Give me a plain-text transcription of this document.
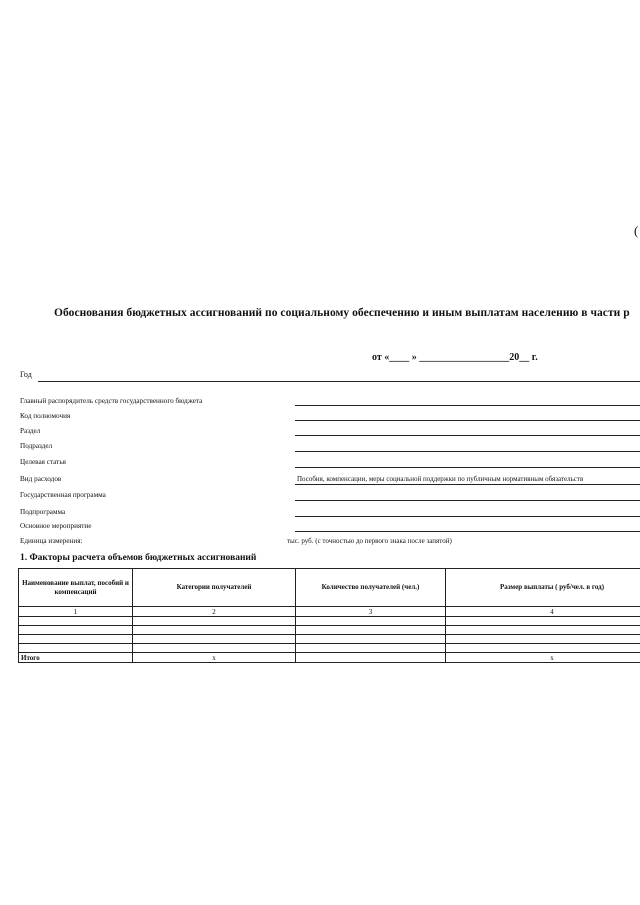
(
Обоснования бюджетных ассигнований по социальному обеспечению и иным выплатам населению в части р
от «____ » __________________20__ г.
Год
Главный распорядитель средств государственного бюджета
Код полномочия
Раздел
Подраздел
Целевая статья
Вид расходов	Пособия, компенсации, меры социальной поддержки по публичным нормативным обязательств
Государственная программа
Подпрограмма
Основное мероприятие
Единица измерения:	тыс. руб. (с точностью до первого знака после запятой)
1. Факторы расчета объемов бюджетных ассигнований
Наименование выплат, пособий и компенсаций	Категории получателей	Количество получателей (чел.)	Размер выплаты ( руб/чел. в год)
1	2	3	4

Итого	х		х
